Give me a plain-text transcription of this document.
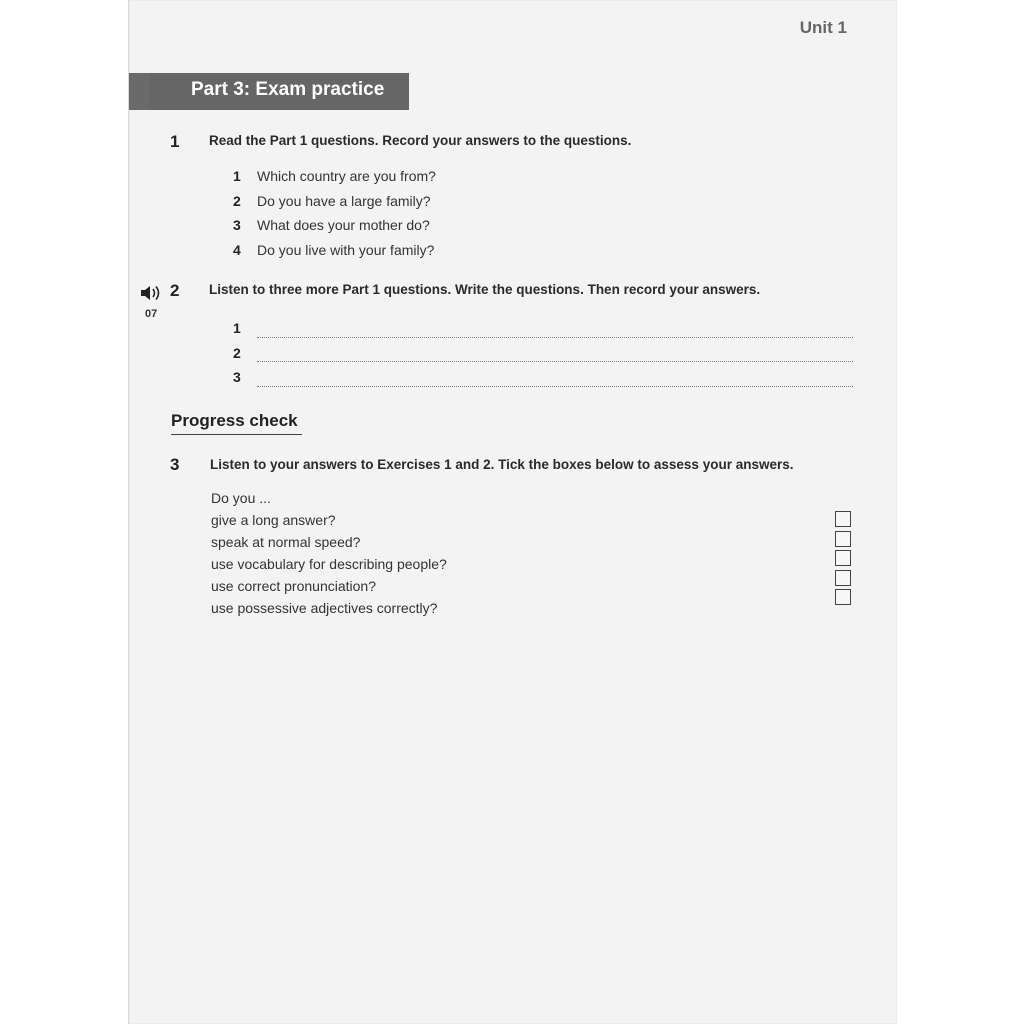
Unit 1
Part 3: Exam practice
1 Read the Part 1 questions. Record your answers to the questions.
1	Which country are you from?
2	Do you have a large family?
3	What does your mother do?
4	Do you live with your family?
07
2 Listen to three more Part 1 questions. Write the questions. Then record your answers.
1
2
3
Progress check
3 Listen to your answers to Exercises 1 and 2. Tick the boxes below to assess your answers.
Do you ...
give a long answer?
speak at normal speed?
use vocabulary for describing people?
use correct pronunciation?
use possessive adjectives correctly?
